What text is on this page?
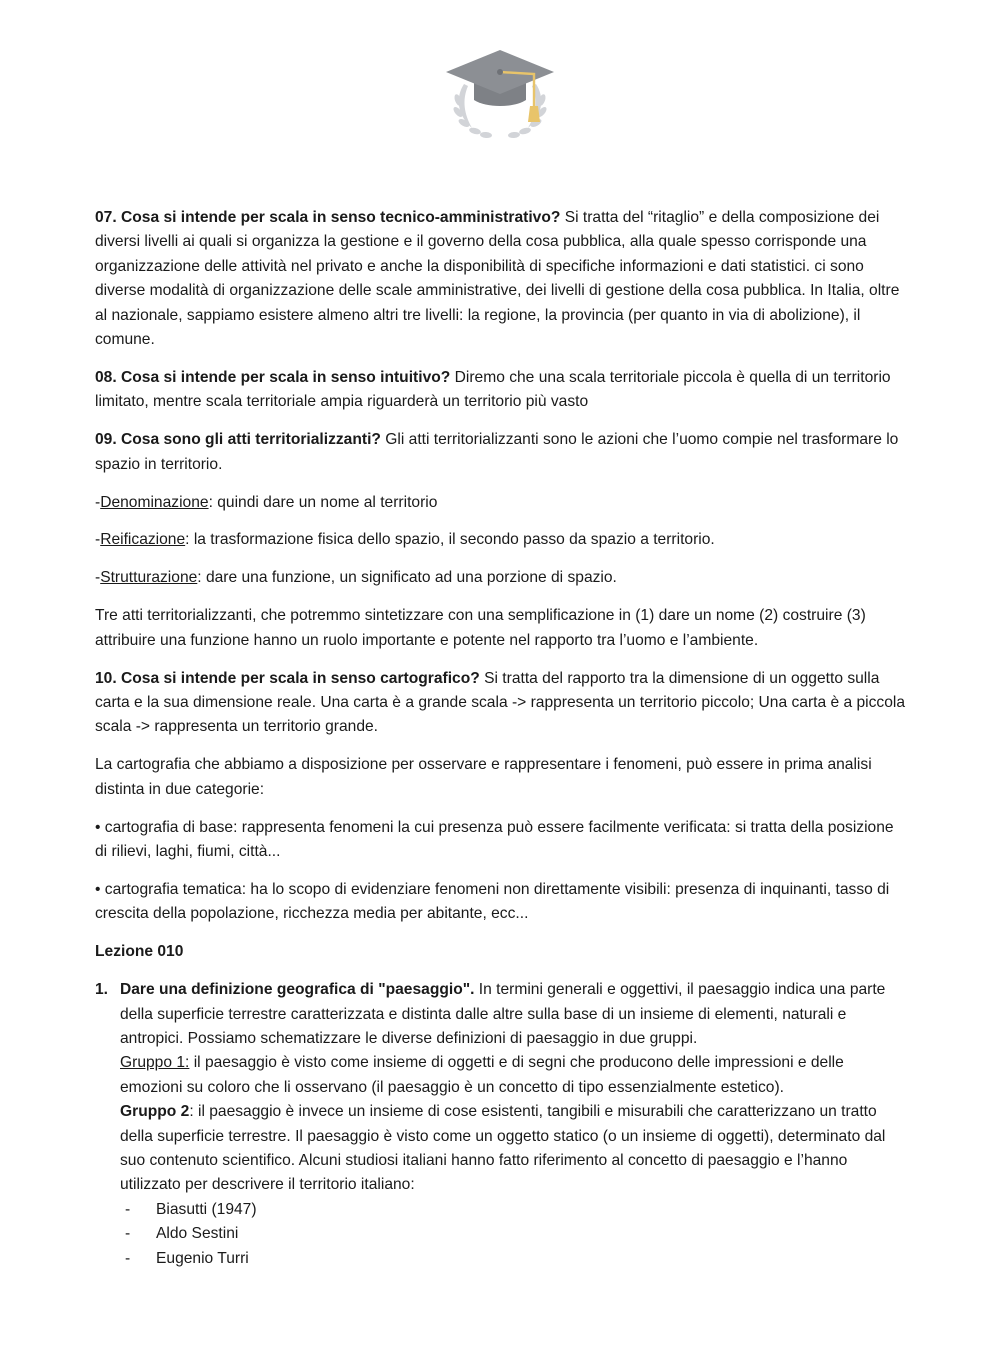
07. Cosa si intende per scala in senso tecnico-amministrativo? Si tratta del “ritaglio” e della composizione dei diversi livelli ai quali si organizza la gestione e il governo della cosa pubblica, alla quale spesso corrisponde una organizzazione delle attività nel privato e anche la disponibilità di specifiche informazioni e dati statistici. ci sono diverse modalità di organizzazione delle scale amministrative, dei livelli di gestione della cosa pubblica. In Italia, oltre al nazionale, sappiamo esistere almeno altri tre livelli: la regione, la provincia (per quanto in via di abolizione), il comune.

08. Cosa si intende per scala in senso intuitivo? Diremo che una scala territoriale piccola è quella di un territorio limitato, mentre scala territoriale ampia riguarderà un territorio più vasto

09. Cosa sono gli atti territorializzanti? Gli atti territorializzanti sono le azioni che l’uomo compie nel trasformare lo spazio in territorio.

-Denominazione: quindi dare un nome al territorio

-Reificazione: la trasformazione fisica dello spazio, il secondo passo da spazio a territorio.

-Strutturazione: dare una funzione, un significato ad una porzione di spazio.

Tre atti territorializzanti, che potremmo sintetizzare con una semplificazione in (1) dare un nome (2) costruire (3) attribuire una funzione hanno un ruolo importante e potente nel rapporto tra l’uomo e l’ambiente.

10. Cosa si intende per scala in senso cartografico? Si tratta del rapporto tra la dimensione di un oggetto sulla carta e la sua dimensione reale. Una carta è a grande scala -> rappresenta un territorio piccolo; Una carta è a piccola scala -> rappresenta un territorio grande.

La cartografia che abbiamo a disposizione per osservare e rappresentare i fenomeni, può essere in prima analisi distinta in due categorie:

• cartografia di base: rappresenta fenomeni la cui presenza può essere facilmente verificata: si tratta della posizione di rilievi, laghi, fiumi, città...

• cartografia tematica: ha lo scopo di evidenziare fenomeni non direttamente visibili: presenza di inquinanti, tasso di crescita della popolazione, ricchezza media per abitante, ecc...

Lezione 010

1. Dare una definizione geografica di "paesaggio". In termini generali e oggettivi, il paesaggio indica una parte della superficie terrestre caratterizzata e distinta dalle altre sulla base di un insieme di elementi, naturali e antropici. Possiamo schematizzare le diverse definizioni di paesaggio in due gruppi.
Gruppo 1: il paesaggio è visto come insieme di oggetti e di segni che producono delle impressioni e delle emozioni su coloro che li osservano (il paesaggio è un concetto di tipo essenzialmente estetico).
Gruppo 2: il paesaggio è invece un insieme di cose esistenti, tangibili e misurabili che caratterizzano un tratto della superficie terrestre. Il paesaggio è visto come un oggetto statico (o un insieme di oggetti), determinato dal suo contenuto scientifico. Alcuni studiosi italiani hanno fatto riferimento al concetto di paesaggio e l’hanno utilizzato per descrivere il territorio italiano:
- Biasutti (1947)
- Aldo Sestini
- Eugenio Turri
